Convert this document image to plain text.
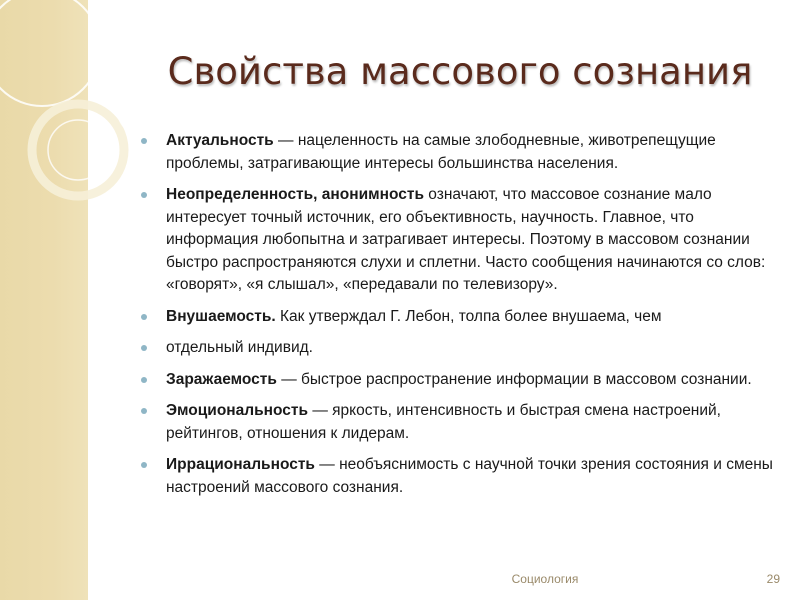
Свойства массового сознания
Актуальность — нацеленность на самые злободневные, животрепещущие проблемы, затрагивающие интересы большинства населения.
Неопределенность, анонимность означают, что массовое сознание мало интересует точный источник, его объективность, научность. Главное, что информация любопытна и затрагивает интересы. Поэтому в массовом сознании быстро распространяются слухи и сплетни. Часто сообщения начинаются со слов: «говорят», «я слышал», «передавали по телевизору».
Внушаемость. Как утверждал Г. Лебон, толпа более внушаема, чем
отдельный индивид.
Заражаемость — быстрое распространение информации в массовом сознании.
Эмоциональность — яркость, интенсивность и быстрая смена настроений, рейтингов, отношения к лидерам.
Иррациональность — необъяснимость с научной точки зрения состояния и смены настроений массового сознания.
Социология	29
